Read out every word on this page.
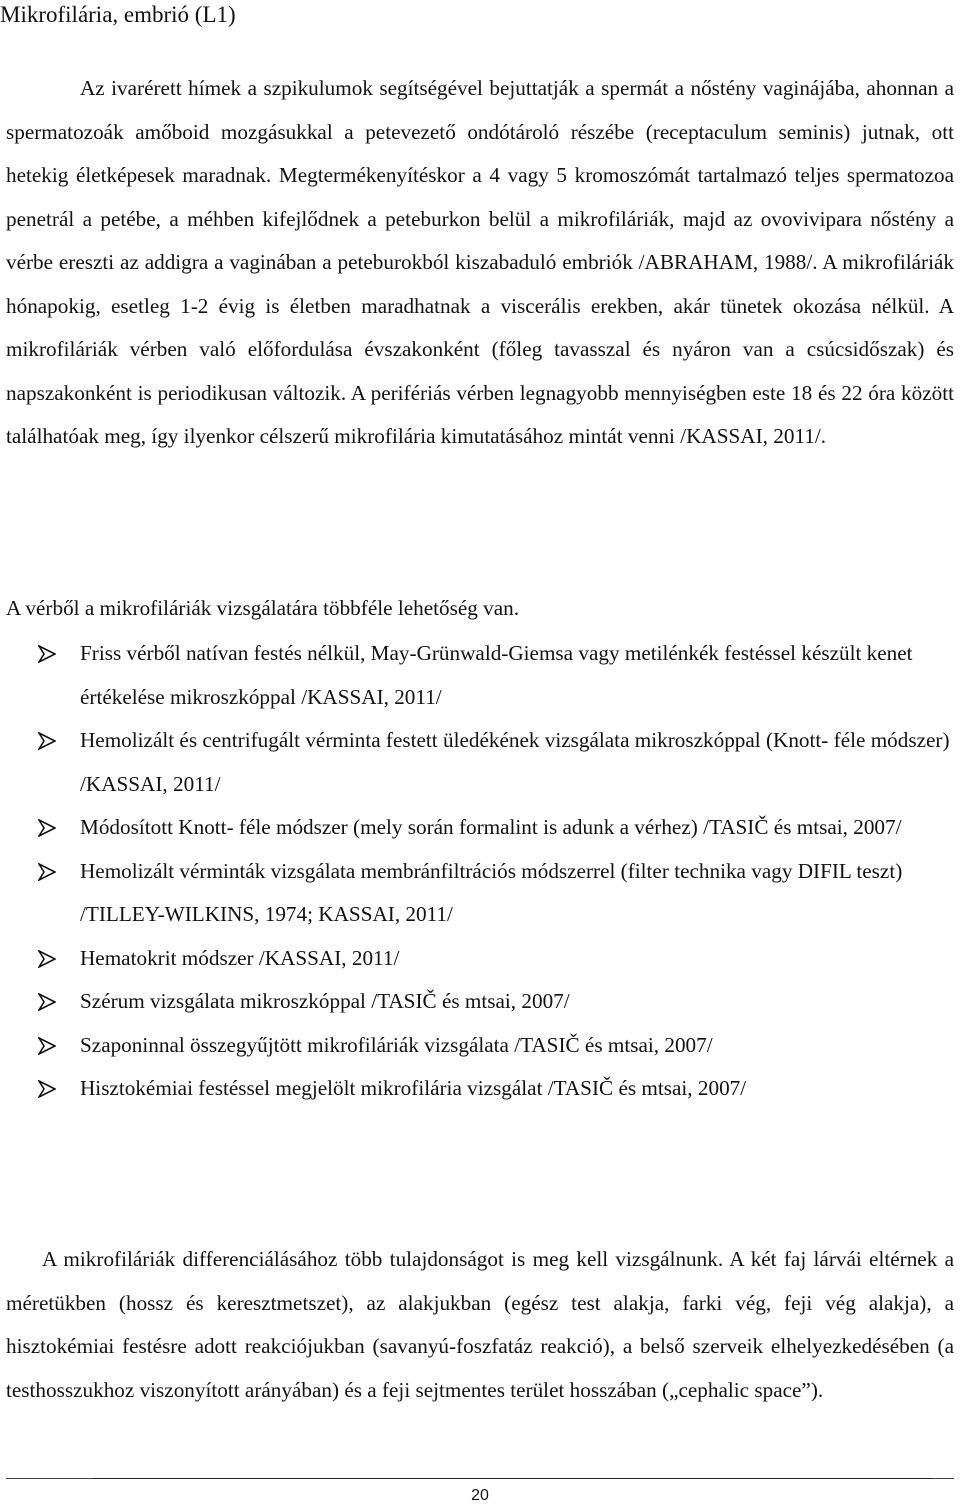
Mikrofilária, embrió (L1)

Az ivarérett hímek a szpikulumok segítségével bejuttatják a spermát a nőstény vaginájába, ahonnan a spermatozoák amőboid mozgásukkal a petevezető ondótároló részébe (receptaculum seminis) jutnak, ott hetekig életképesek maradnak. Megtermékenyítéskor a 4 vagy 5 kromoszómát tartalmazó teljes spermatozoa penetrál a petébe, a méhben kifejlődnek a peteburkon belül a mikrofiláriák, majd az ovovivipara nőstény a vérbe ereszti az addigra a vaginában a peteburokból kiszabaduló embriók /ABRAHAM, 1988/. A mikrofiláriák hónapokig, esetleg 1-2 évig is életben maradhatnak a viscerális erekben, akár tünetek okozása nélkül. A mikrofiláriák vérben való előfordulása évszakonként (főleg tavasszal és nyáron van a csúcsidőszak) és napszakonként is periodikusan változik. A perifériás vérben legnagyobb mennyiségben este 18 és 22 óra között találhatóak meg, így ilyenkor célszerű mikrofilária kimutatásához mintát venni /KASSAI, 2011/.

A vérből a mikrofiláriák vizsgálatára többféle lehetőség van.

Friss vérből natívan festés nélkül, May-Grünwald-Giemsa vagy metilénkék festéssel készült kenet értékelése mikroszkóppal /KASSAI, 2011/
Hemolizált és centrifugált vérminta festett üledékének vizsgálata mikroszkóppal (Knott- féle módszer) /KASSAI, 2011/
Módosított Knott- féle módszer (mely során formalint is adunk a vérhez) /TASIČ és mtsai, 2007/
Hemolizált vérminták vizsgálata membránfiltrációs módszerrel (filter technika vagy DIFIL teszt) /TILLEY-WILKINS, 1974; KASSAI, 2011/
Hematokrit módszer /KASSAI, 2011/
Szérum vizsgálata mikroszkóppal /TASIČ és mtsai, 2007/
Szaponinnal összegyűjtött mikrofiláriák vizsgálata /TASIČ és mtsai, 2007/
Hisztokémiai festéssel megjelölt mikrofilária vizsgálat /TASIČ és mtsai, 2007/

A mikrofiláriák differenciálásához több tulajdonságot is meg kell vizsgálnunk. A két faj lárvái eltérnek a méretükben (hossz és keresztmetszet), az alakjukban (egész test alakja, farki vég, feji vég alakja), a hisztokémiai festésre adott reakciójukban (savanyú-foszfatáz reakció), a belső szerveik elhelyezkedésében (a testhosszukhoz viszonyított arányában) és a feji sejtmentes terület hosszában („cephalic space”).

20
